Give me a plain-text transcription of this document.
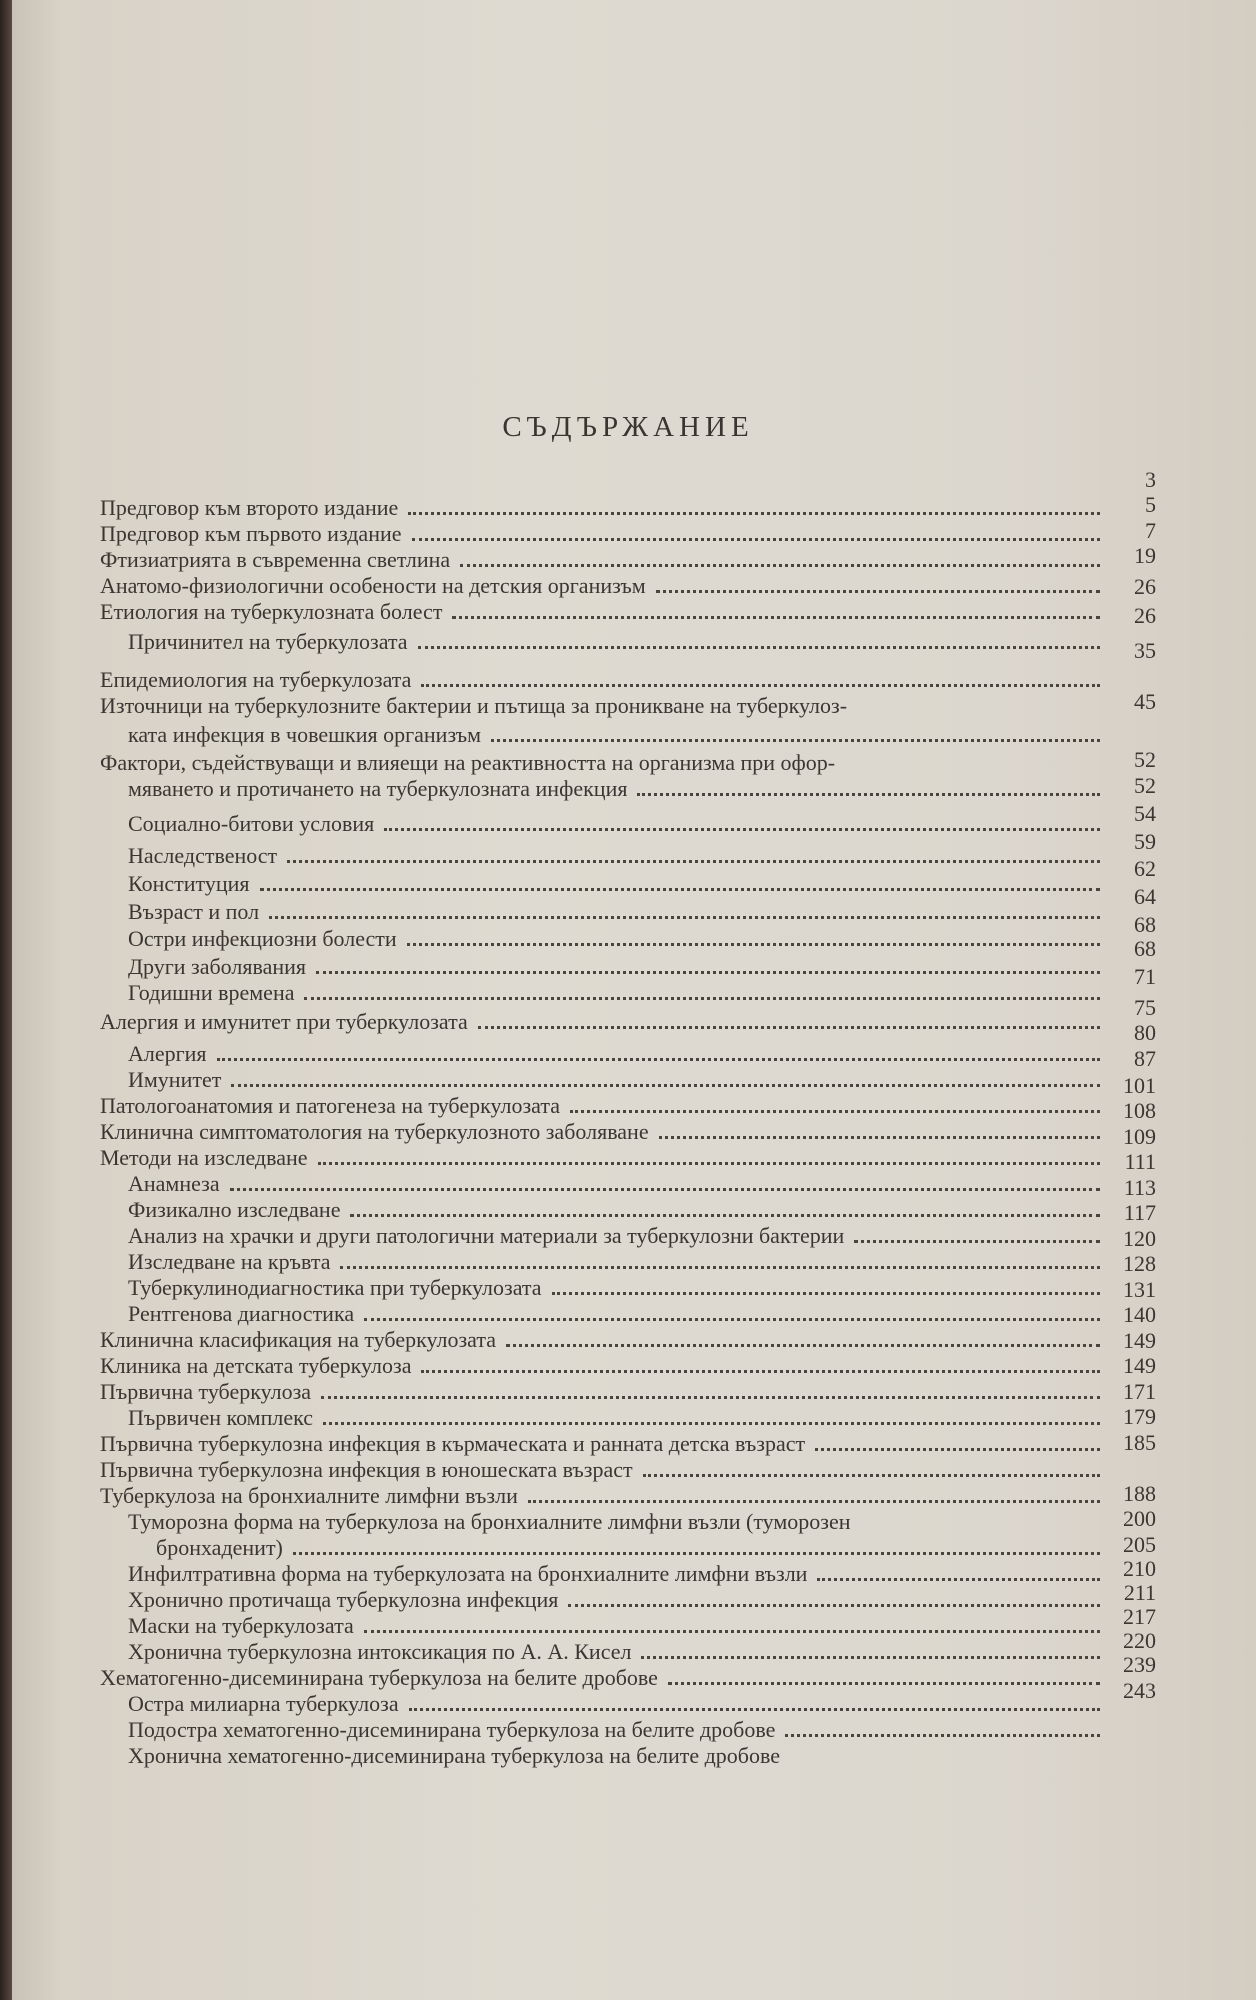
СЪДЪРЖАНИЕ
Предговор към второто издание
Предговор към първото издание
Фтизиатрията в съвременна светлина
Анатомо-физиологични особености на детския организъм
Етиология на туберкулозната болест
Причинител на туберкулозата
Епидемиология на туберкулозата
Източници на туберкулозните бактерии и пътища за проникване на туберкулоз-
ката инфекция в човешкия организъм
Фактори, съдействуващи и влияещи на реактивността на организма при офор-
мяването и протичането на туберкулозната инфекция
Социално-битови условия
Наследственост
Конституция
Възраст и пол
Остри инфекциозни болести
Други заболявания
Годишни времена
Алергия и имунитет при туберкулозата
Алергия
Имунитет
Патологоанатомия и патогенеза на туберкулозата
Клинична симптоматология на туберкулозното заболяване
Методи на изследване
Анамнеза
Физикално изследване
Анализ на храчки и други патологични материали за туберкулозни бактерии
Изследване на кръвта
Туберкулинодиагностика при туберкулозата
Рентгенова диагностика
Клинична класификация на туберкулозата
Клиника на детската туберкулоза
Първична туберкулоза
Първичен комплекс
Първична туберкулозна инфекция в кърмаческата и ранната детска възраст
Първична туберкулозна инфекция в юношеската възраст
Туберкулоза на бронхиалните лимфни възли
Туморозна форма на туберкулоза на бронхиалните лимфни възли (туморозен
бронхаденит)
Инфилтративна форма на туберкулозата на бронхиалните лимфни възли
Хронично протичаща туберкулозна инфекция
Маски на туберкулозата
Хронична туберкулозна интоксикация по А. А. Кисел
Хематогенно-дисеминирана туберкулоза на белите дробове
Остра милиарна туберкулоза
Подостра хематогенно-дисеминирана туберкулоза на белите дробове
Хронична хематогенно-дисеминирана туберкулоза на белите дробове
3
5
7
19
26
26
35
45
52
52
54
59
62
64
68
68
71
75
80
87
101
108
109
111
113
117
120
128
131
140
149
149
171
179
185
188
200
205
210
211
217
220
239
243
